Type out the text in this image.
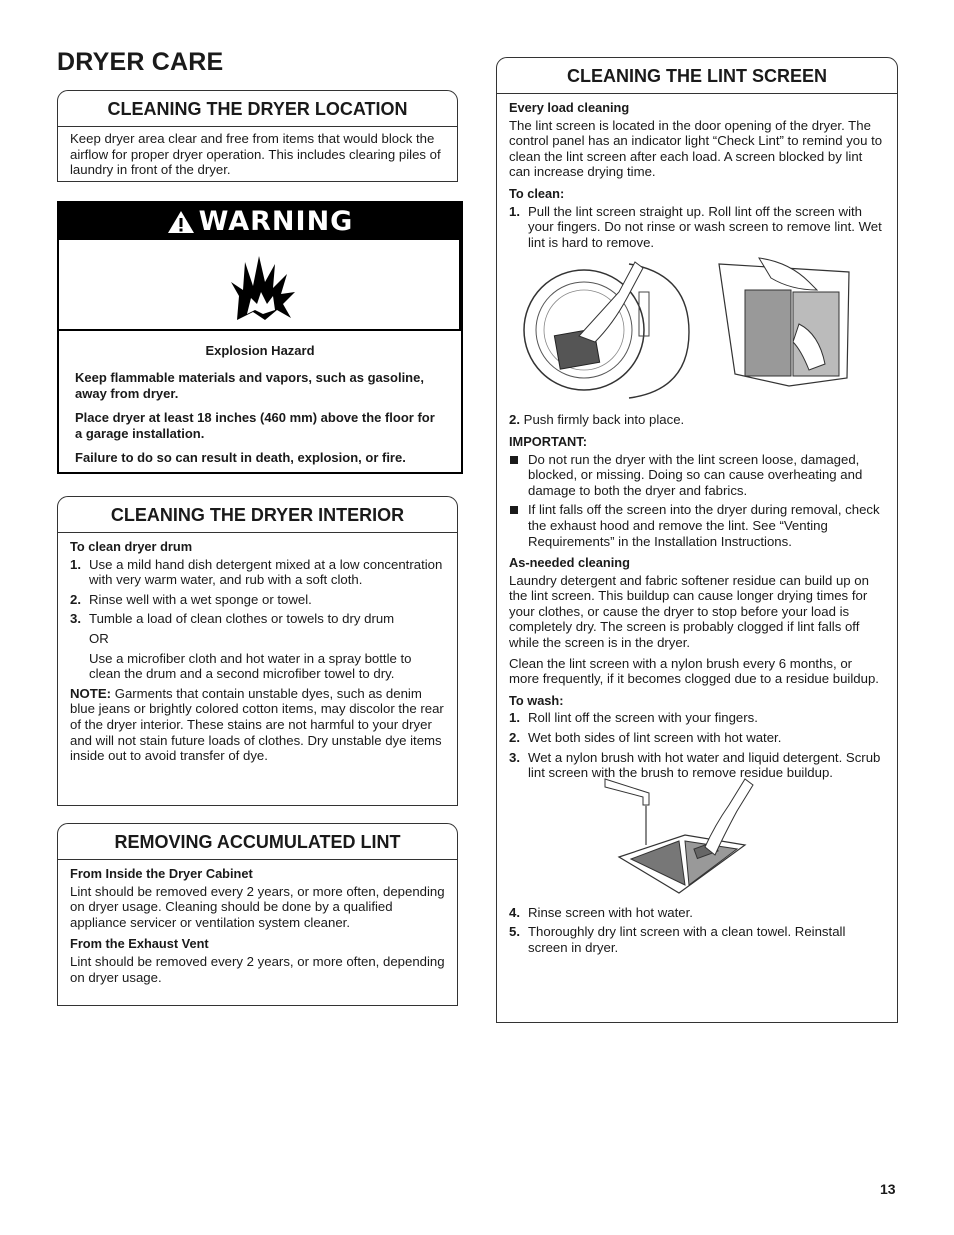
DRYER CARE
CLEANING THE DRYER LOCATION

Keep dryer area clear and free from items that would block the airflow for proper dryer operation. This includes clearing piles of laundry in front of the dryer.

WARNING
Explosion Hazard

Keep flammable materials and vapors, such as gasoline, away from dryer.

Place dryer at least 18 inches (460 mm) above the floor for a garage installation.

Failure to do so can result in death, explosion, or fire.

CLEANING THE DRYER INTERIOR
To clean dryer drum
1. Use a mild hand dish detergent mixed at a low concentration with very warm water, and rub with a soft cloth.
2. Rinse well with a wet sponge or towel.
3. Tumble a load of clean clothes or towels to dry drum
OR
Use a microfiber cloth and hot water in a spray bottle to clean the drum and a second microfiber towel to dry.

NOTE: Garments that contain unstable dyes, such as denim blue jeans or brightly colored cotton items, may discolor the rear of the dryer interior. These stains are not harmful to your dryer and will not stain future loads of clothes. Dry unstable dye items inside out to avoid transfer of dye.

REMOVING ACCUMULATED LINT
From Inside the Dryer Cabinet

Lint should be removed every 2 years, or more often, depending on dryer usage. Cleaning should be done by a qualified appliance servicer or ventilation system cleaner.

From the Exhaust Vent

Lint should be removed every 2 years, or more often, depending on dryer usage.

CLEANING THE LINT SCREEN
Every load cleaning

The lint screen is located in the door opening of the dryer. The control panel has an indicator light “Check Lint” to remind you to clean the lint screen after each load. A screen blocked by lint can increase drying time.

To clean:
1. Pull the lint screen straight up. Roll lint off the screen with your fingers. Do not rinse or wash screen to remove lint. Wet lint is hard to remove.

2. Push firmly back into place.

IMPORTANT:
Do not run the dryer with the lint screen loose, damaged, blocked, or missing. Doing so can cause overheating and damage to both the dryer and fabrics.
If lint falls off the screen into the dryer during removal, check the exhaust hood and remove the lint. See “Venting Requirements” in the Installation Instructions.
As-needed cleaning

Laundry detergent and fabric softener residue can build up on the lint screen. This buildup can cause longer drying times for your clothes, or cause the dryer to stop before your load is completely dry. The screen is probably clogged if lint falls off while the screen is in the dryer.

Clean the lint screen with a nylon brush every 6 months, or more frequently, if it becomes clogged due to a residue buildup.

To wash:
1. Roll lint off the screen with your fingers.
2. Wet both sides of lint screen with hot water.
3. Wet a nylon brush with hot water and liquid detergent. Scrub lint screen with the brush to remove residue buildup.
4. Rinse screen with hot water.
5. Thoroughly dry lint screen with a clean towel. Reinstall screen in dryer.
13
